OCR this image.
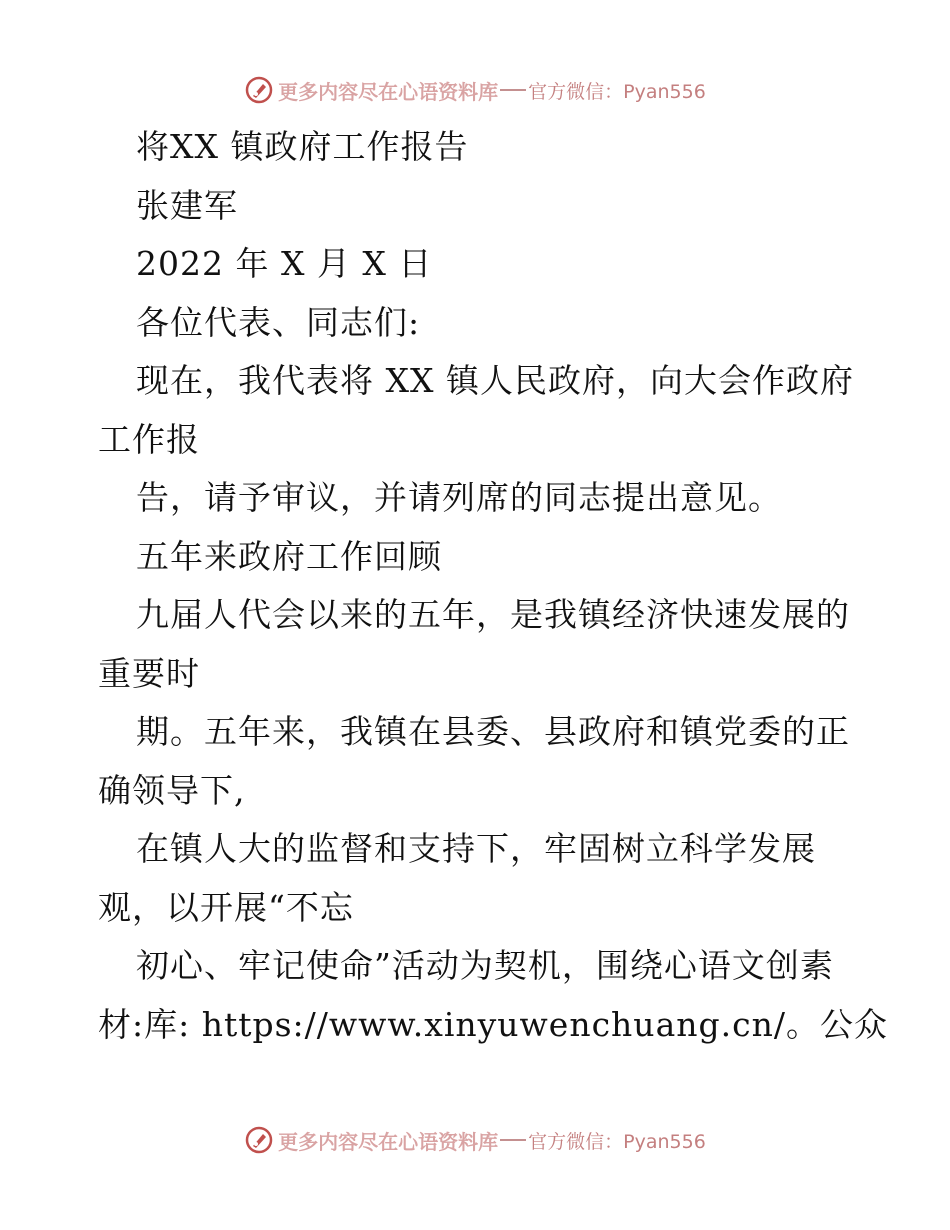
更多内容尽在心语资料库 官方微信：Pyan556
将XX 镇政府工作报告
张建军
2022 年 X 月 X 日
各位代表、同志们:
现在，我代表将 XX 镇人民政府，向大会作政府
工作报
告，请予审议，并请列席的同志提出意见。
五年来政府工作回顾
九届人代会以来的五年，是我镇经济快速发展的
重要时
期。五年来，我镇在县委、县政府和镇党委的正
确领导下,
在镇人大的监督和支持下，牢固树立科学发展
观，以开展“不忘
初心、牢记使命”活动为契机，围绕心语文创素
材:库: https://www.xinyuwenchuang.cn/。公众
更多内容尽在心语资料库 官方微信：Pyan556
